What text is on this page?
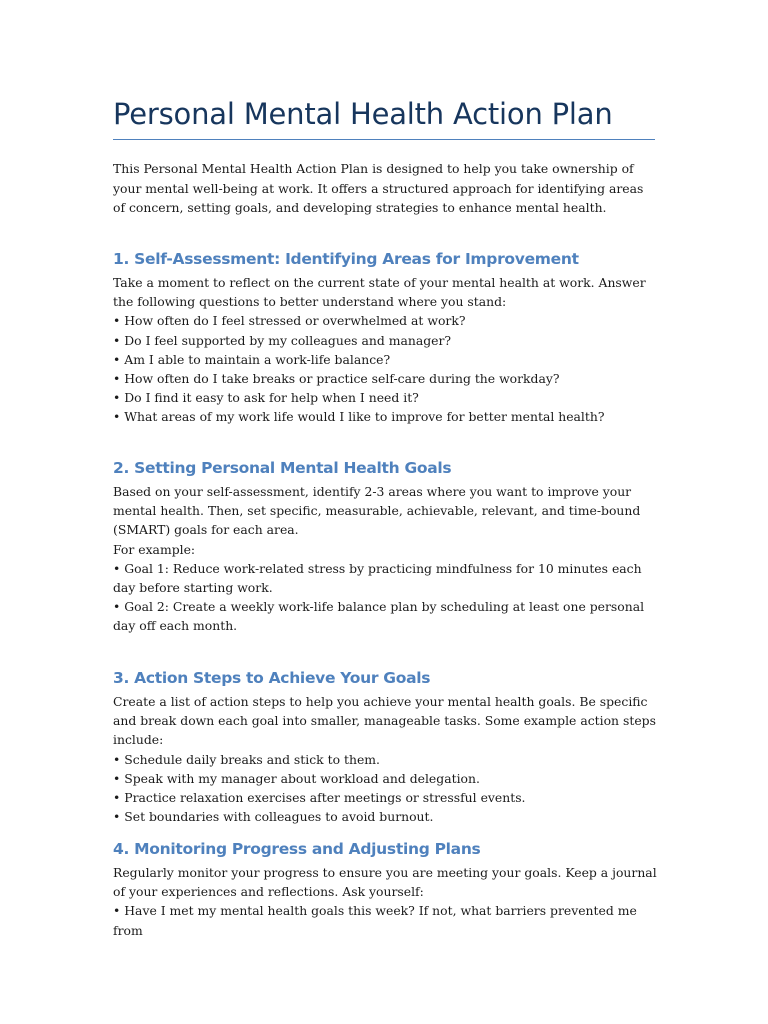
Personal Mental Health Action Plan

This Personal Mental Health Action Plan is designed to help you take ownership of your mental well-being at work. It offers a structured approach for identifying areas of concern, setting goals, and developing strategies to enhance mental health.

1. Self-Assessment: Identifying Areas for Improvement

Take a moment to reflect on the current state of your mental health at work. Answer the following questions to better understand where you stand:

• How often do I feel stressed or overwhelmed at work?
• Do I feel supported by my colleagues and manager?
• Am I able to maintain a work-life balance?
• How often do I take breaks or practice self-care during the workday?
• Do I find it easy to ask for help when I need it?
• What areas of my work life would I like to improve for better mental health?
2. Setting Personal Mental Health Goals

Based on your self-assessment, identify 2-3 areas where you want to improve your mental health. Then, set specific, measurable, achievable, relevant, and time-bound (SMART) goals for each area.

For example:

• Goal 1: Reduce work-related stress by practicing mindfulness for 10 minutes each day before starting work.
• Goal 2: Create a weekly work-life balance plan by scheduling at least one personal day off each month.
3. Action Steps to Achieve Your Goals

Create a list of action steps to help you achieve your mental health goals. Be specific and break down each goal into smaller, manageable tasks. Some example action steps include:

• Schedule daily breaks and stick to them.
• Speak with my manager about workload and delegation.
• Practice relaxation exercises after meetings or stressful events.
• Set boundaries with colleagues to avoid burnout.
4. Monitoring Progress and Adjusting Plans

Regularly monitor your progress to ensure you are meeting your goals. Keep a journal of your experiences and reflections. Ask yourself:

• Have I met my mental health goals this week? If not, what barriers prevented me from
